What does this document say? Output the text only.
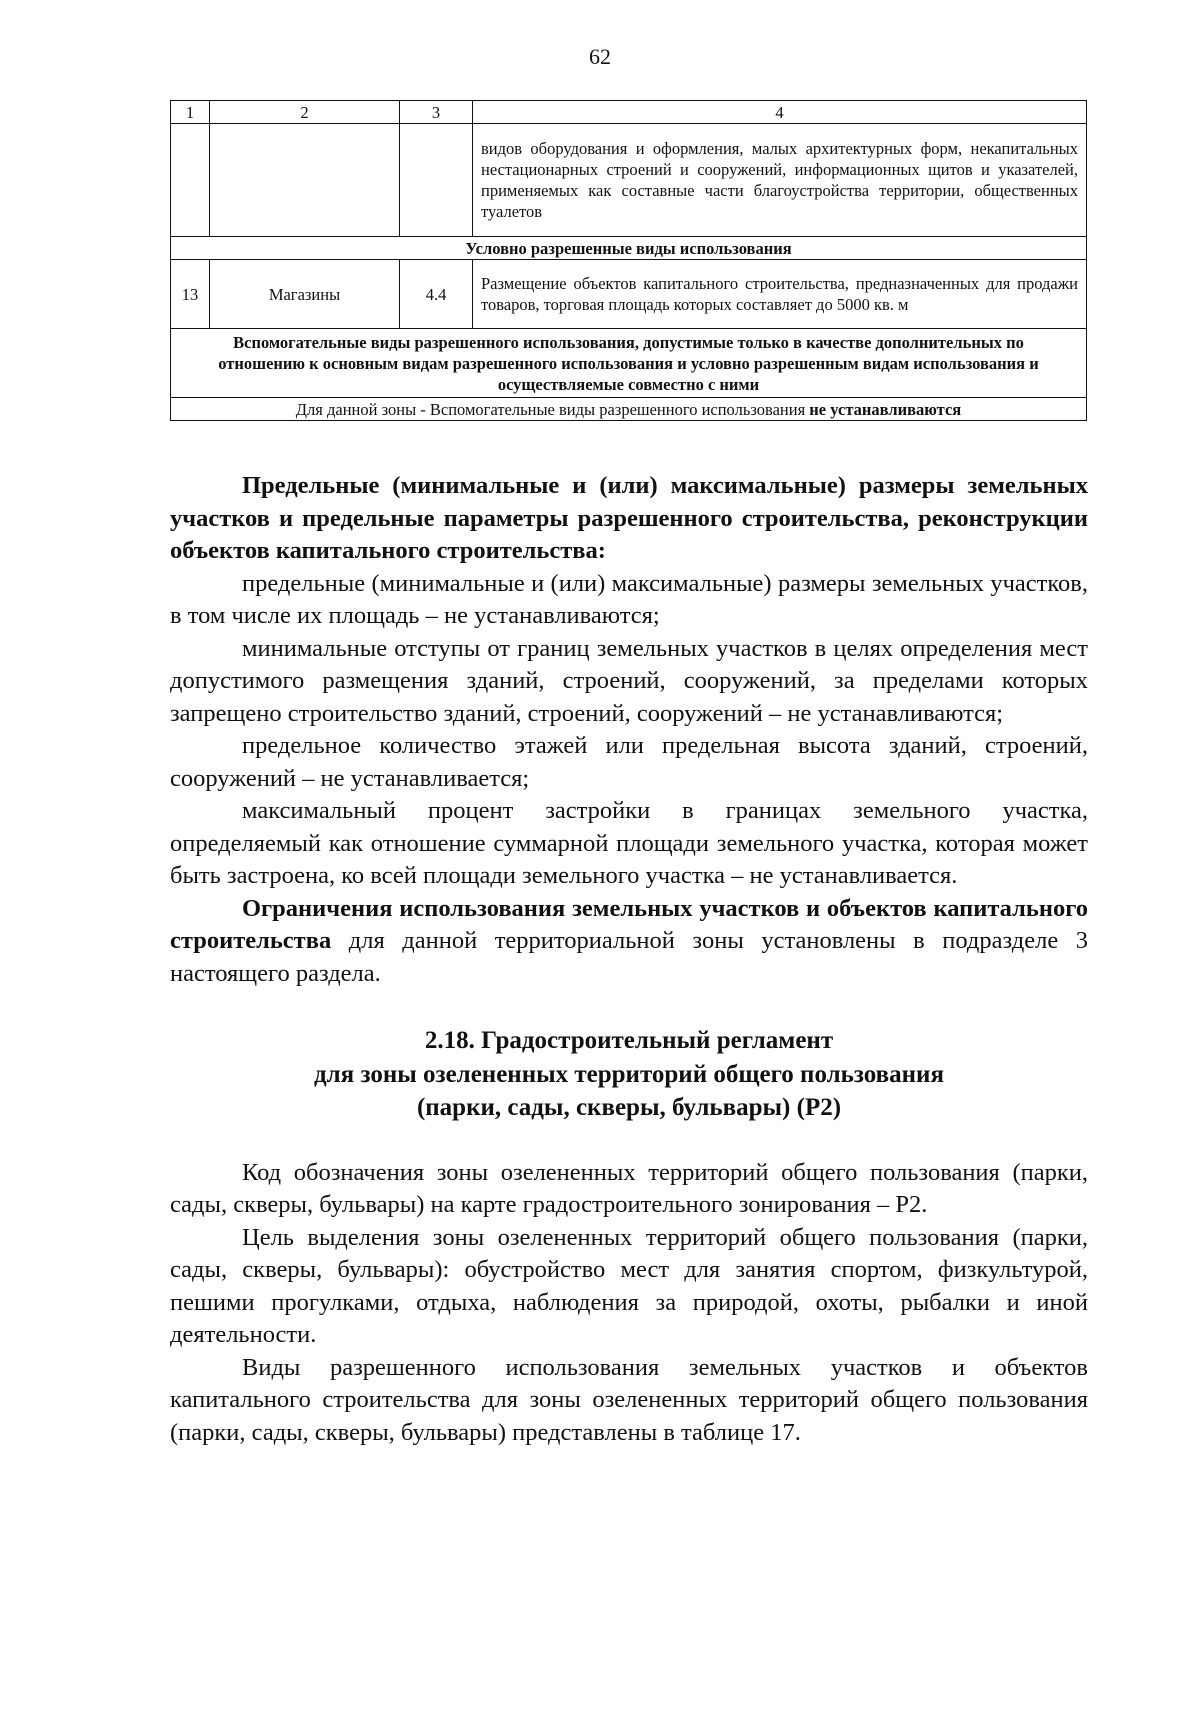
62
1	2	3	4
			видов оборудования и оформления, малых архитектурных форм, некапитальных нестационарных строений и сооружений, информационных щитов и указателей, применяемых как составные части благоустройства территории, общественных туалетов
Условно разрешенные виды использования			
13	Магазины	4.4	Размещение объектов капитального строительства, предназначенных для продажи товаров, торговая площадь которых составляет до 5000 кв. м
Вспомогательные виды разрешенного использования, допустимые только в качестве дополнительных по отношению к основным видам разрешенного использования и условно разрешенным видам использования и осуществляемые совместно с ними			
Для данной зоны - Вспомогательные виды разрешенного использования не устанавливаются			

Предельные (минимальные и (или) максимальные) размеры земельных участков и предельные параметры разрешенного строительства, реконструкции объектов капитального строительства:

предельные (минимальные и (или) максимальные) размеры земельных участков, в том числе их площадь – не устанавливаются;

минимальные отступы от границ земельных участков в целях определения мест допустимого размещения зданий, строений, сооружений, за пределами которых запрещено строительство зданий, строений, сооружений – не устанавливаются;

предельное количество этажей или предельная высота зданий, строений, сооружений – не устанавливается;

максимальный процент застройки в границах земельного участка, определяемый как отношение суммарной площади земельного участка, которая может быть застроена, ко всей площади земельного участка – не устанавливается.

Ограничения использования земельных участков и объектов капитального строительства для данной территориальной зоны установлены в подразделе 3 настоящего раздела.

2.18. Градостроительный регламент
для зоны озелененных территорий общего пользования
(парки, сады, скверы, бульвары) (Р2)

Код обозначения зоны озелененных территорий общего пользования (парки, сады, скверы, бульвары) на карте градостроительного зонирования – Р2.

Цель выделения зоны озелененных территорий общего пользования (парки, сады, скверы, бульвары): обустройство мест для занятия спортом, физкультурой, пешими прогулками, отдыха, наблюдения за природой, охоты, рыбалки и иной деятельности.

Виды разрешенного использования земельных участков и объектов капитального строительства для зоны озелененных территорий общего пользования (парки, сады, скверы, бульвары) представлены в таблице 17.
